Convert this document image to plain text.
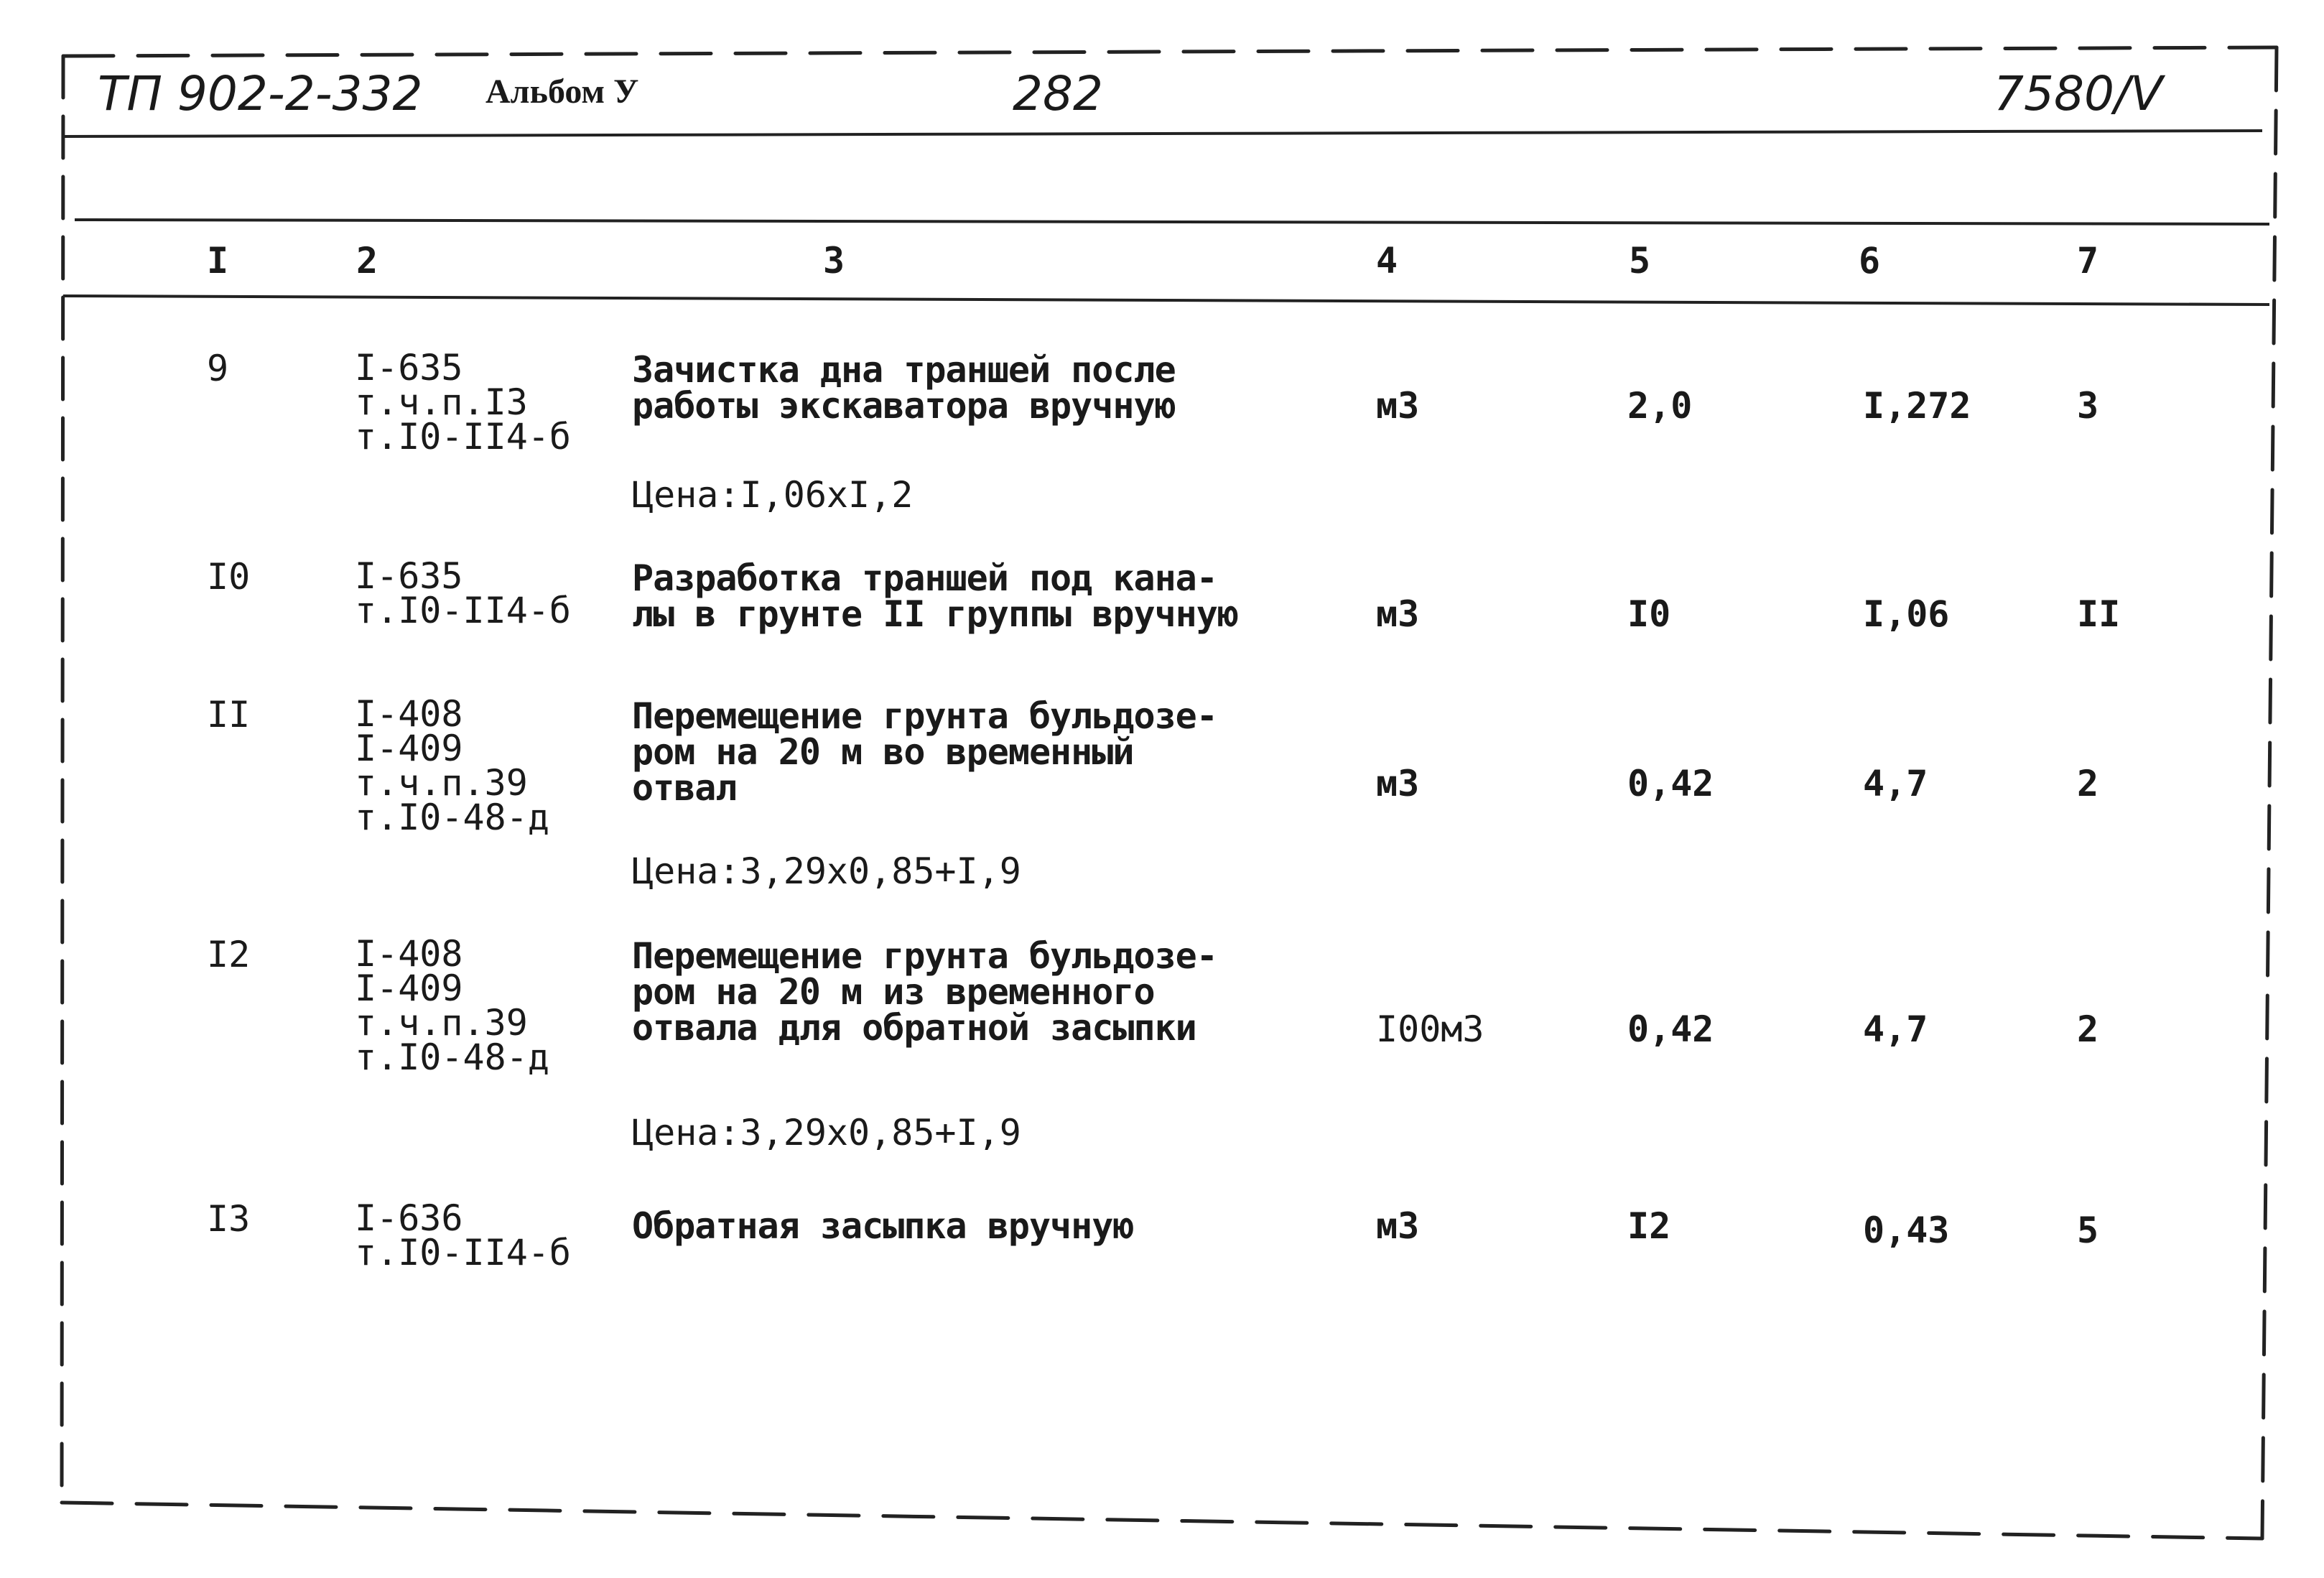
ТП 902-2-332 Альбом У	282	7580/V
I	2	3	4	5	6	7
9	I-635
т.ч.п.I3
т.I0-II4-б
Зачистка дна траншей после
работы экскаватора вручную	м3	2,0	I,272	3
Цена:I,06хI,2
I0	I-635
т.I0-II4-б
Разработка траншей под кана-
лы в грунте II группы вручную	м3	I0	I,06	II
II	I-408
I-409
т.ч.п.39
т.I0-48-д
Перемещение грунта бульдозе-
ром на 20 м во временный
отвал	м3	0,42	4,7	2
Цена:3,29х0,85+I,9
I2	I-408
I-409
т.ч.п.39
т.I0-48-д
Перемещение грунта бульдозе-
ром на 20 м из временного
отвала для обратной засыпки	I00м3	0,42	4,7	2
Цена:3,29х0,85+I,9
I3	I-636
т.I0-II4-б
Обратная засыпка вручную	м3	I2	0,43	5
